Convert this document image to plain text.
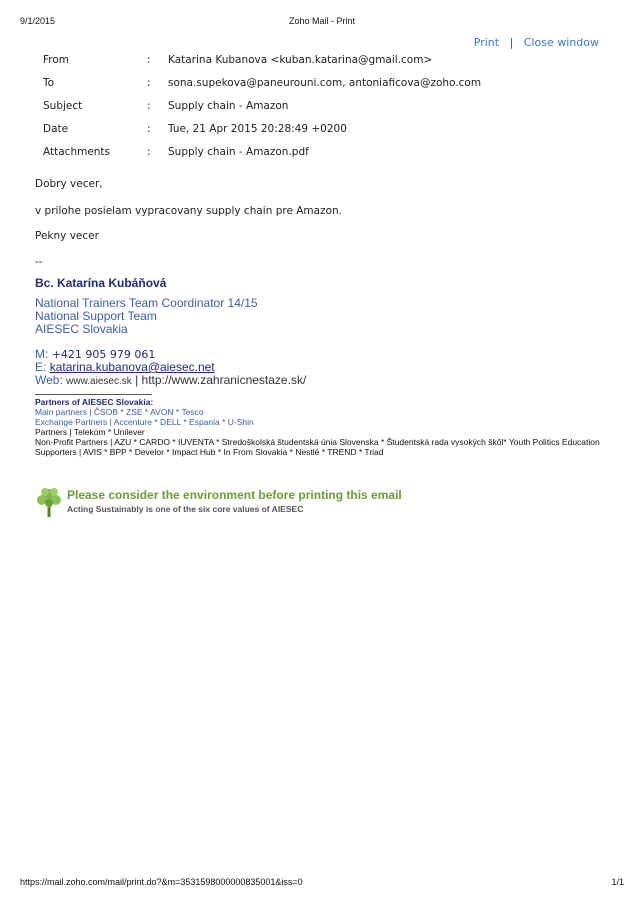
9/1/2015	Zoho Mail - Print
Print | Close window
From	: Katarina Kubanova <kuban.katarina@gmail.com>
To	: sona.supekova@paneurouni.com, antoniaficova@zoho.com
Subject	: Supply chain - Amazon
Date	: Tue, 21 Apr 2015 20:28:49 +0200
Attachments	: Supply chain - Amazon.pdf
Dobry vecer,
v prilohe posielam vypracovany supply chain pre Amazon.
Pekny vecer
--
Bc. Katarína Kubáňová
National Trainers Team Coordinator 14/15
National Support Team
AIESEC Slovakia
M: +421 905 979 061
E: katarina.kubanova@aiesec.net
Web: www.aiesec.sk | http://www.zahranicnestaze.sk/
Partners of AIESEC Slovakia:
Main partners | ČSOB * ZSE * AVON * Tesco
Exchange Partners | Accenture * DELL * Espania * U-Shin
Partners | Telekom * Unilever
Non-Profit Partners | AZU * CARDO * IUVENTA * Stredoškolská študentská únia Slovenska * Študentská rada vysokých škôl* Youth Politics Education
Supporters | AVIS * BPP * Develor * Impact Hub * In From Slovakia * Nestlé * TREND * Triad
Please consider the environment before printing this email
Acting Sustainably is one of the six core values of AIESEC
https://mail.zoho.com/mail/print.do?&m=3531598000000835001&iss=0	1/1
